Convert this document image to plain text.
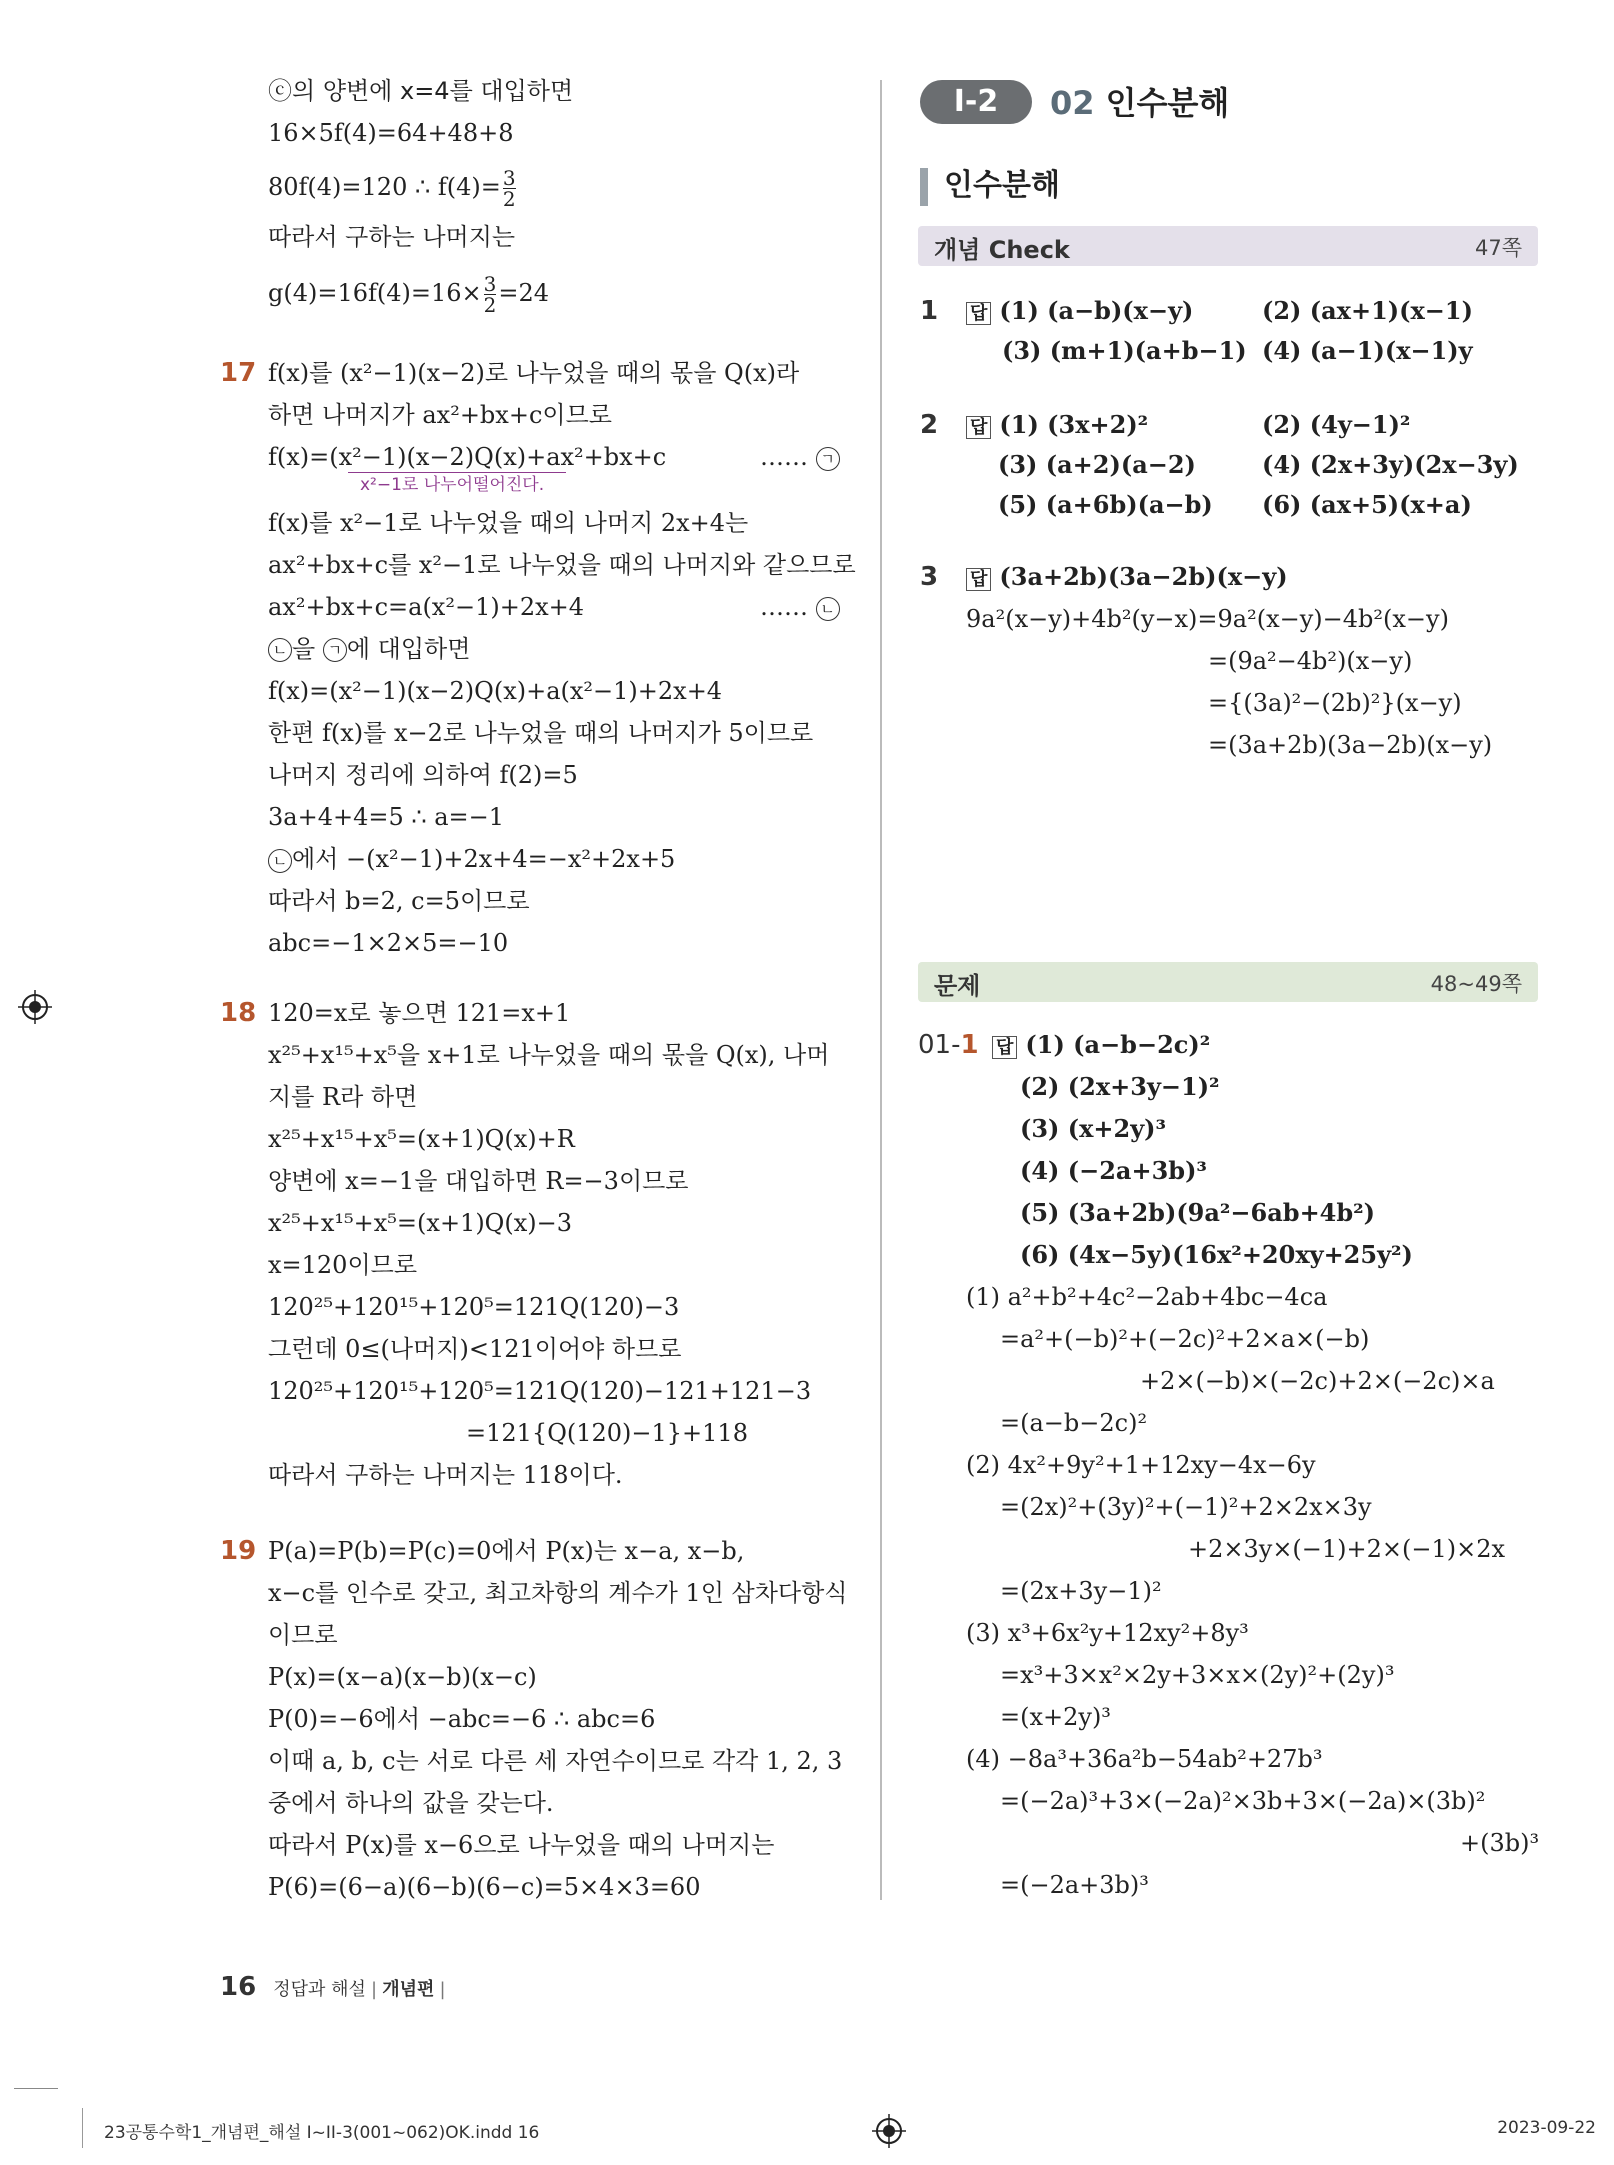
ⓒ의 양변에 x=4를 대입하면
16×5f(4)=64+48+8
80f(4)=120 ∴ $f(4)= \frac{3}{2}$
따라서 구하는 나머지는
$g(4)=16f(4)=16\times \frac{3}{2} =24$
17 f(x)를 (x²−1)(x−2)로 나누었을 때의 몫을 Q(x)라
하면 나머지가 ax²+bx+c이므로
f(x)=(x²−1)(x−2)Q(x)+ax²+bx+c	…… ㄱ
x²−1로 나누어떨어진다.
f(x)를 x²−1로 나누었을 때의 나머지 2x+4는
ax²+bx+c를 x²−1로 나누었을 때의 나머지와 같으므로
ax²+bx+c=a(x²−1)+2x+4	…… ㄴ
ㄴ 을 ㄱ 에 대입하면
f(x)=(x²−1)(x−2)Q(x)+a(x²−1)+2x+4
한편 f(x)를 x−2로 나누었을 때의 나머지가 5이므로
나머지 정리에 의하여 f(2)=5
3a+4+4=5 ∴ a=−1
ㄴ 에서 −(x²−1)+2x+4=−x²+2x+5
따라서 b=2, c=5이므로
abc=−1×2×5=−10
18 120=x로 놓으면 121=x+1
x²⁵+x¹⁵+x⁵을 x+1로 나누었을 때의 몫을 Q(x), 나머
지를 R라 하면
x²⁵+x¹⁵+x⁵=(x+1)Q(x)+R
양변에 x=−1을 대입하면 R=−3이므로
x²⁵+x¹⁵+x⁵=(x+1)Q(x)−3
x=120이므로
120²⁵+120¹⁵+120⁵=121Q(120)−3
그런데 0≤(나머지)<121이어야 하므로
120²⁵+120¹⁵+120⁵=121Q(120)−121+121−3
=121{Q(120)−1}+118
따라서 구하는 나머지는 118이다.
19 P(a)=P(b)=P(c)=0에서 P(x)는 x−a, x−b,
x−c를 인수로 갖고, 최고차항의 계수가 1인 삼차다항식
이므로
P(x)=(x−a)(x−b)(x−c)
P(0)=−6에서 −abc=−6 ∴ abc=6
이때 a, b, c는 서로 다른 세 자연수이므로 각각 1, 2, 3
중에서 하나의 값을 갖는다.
따라서 P(x)를 x−6으로 나누었을 때의 나머지는
P(6)=(6−a)(6−b)(6−c)=5×4×3=60
Ⅰ-2	02 인수분해
인수분해
개념 Check	47쪽
1 답 (1) (a−b)(x−y)	(2) (ax+1)(x−1)
(3) (m+1)(a+b−1) (4) (a−1)(x−1)y
2 답 (1) (3x+2)²	(2) (4y−1)²
(3) (a+2)(a−2)	(4) (2x+3y)(2x−3y)
(5) (a+6b)(a−b) (6) (ax+5)(x+a)
3 답 (3a+2b)(3a−2b)(x−y)
9a²(x−y)+4b²(y−x)=9a²(x−y)−4b²(x−y)
=(9a²−4b²)(x−y)
={(3a)²−(2b)²}(x−y)
=(3a+2b)(3a−2b)(x−y)
문제	48~49쪽
01-1 답 (1) (a−b−2c)²
(2) (2x+3y−1)²
(3) (x+2y)³
(4) (−2a+3b)³
(5) (3a+2b)(9a²−6ab+4b²)
(6) (4x−5y)(16x²+20xy+25y²)
(1) a²+b²+4c²−2ab+4bc−4ca
=a²+(−b)²+(−2c)²+2×a×(−b)
+2×(−b)×(−2c)+2×(−2c)×a
=(a−b−2c)²
(2) 4x²+9y²+1+12xy−4x−6y
=(2x)²+(3y)²+(−1)²+2×2x×3y
+2×3y×(−1)+2×(−1)×2x
=(2x+3y−1)²
(3) x³+6x²y+12xy²+8y³
=x³+3×x²×2y+3×x×(2y)²+(2y)³
=(x+2y)³
(4) −8a³+36a²b−54ab²+27b³
=(−2a)³+3×(−2a)²×3b+3×(−2a)×(3b)²
+(3b)³
=(−2a+3b)³
16 정답과 해설 | 개념편 |
23공통수학1_개념편_해설 I~II-3(001~062)OK.indd 16	2023-09-22
